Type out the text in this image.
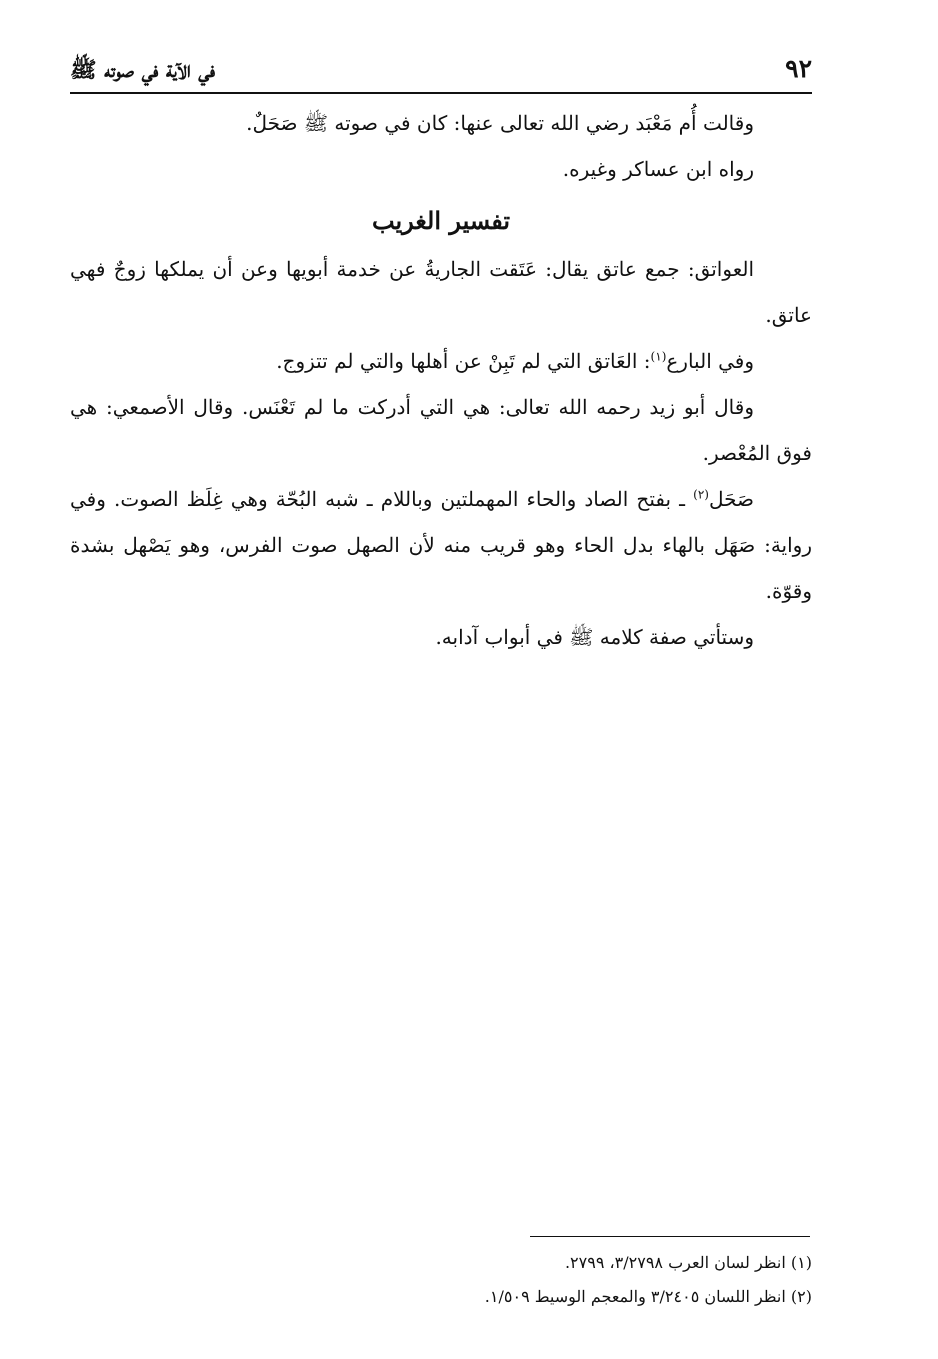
٩٢
في الآية في صوته ﷺ

وقالت أُم مَعْبَد رضي الله تعالى عنها: كان في صوته ﷺ صَحَلٌ.

رواه ابن عساكر وغيره.

تفسير الغريب

العواتق: جمع عاتق يقال: عَتَقت الجاريةُ عن خدمة أبويها وعن أن يملكها زوجٌ فهي عاتق.

وفي البارع$^{(١)}$: العَاتق التي لم تَبِنْ عن أهلها والتي لم تتزوج.

وقال أبو زيد رحمه الله تعالى: هي التي أدركت ما لم تَعْنَس. وقال الأصمعي: هي فوق المُعْصر.

صَحَل$^{(٢)}$ ـ بفتح الصاد والحاء المهملتين وباللام ـ شبه البُحّة وهي غِلَظ الصوت. وفي رواية: صَهَل بالهاء بدل الحاء وهو قريب منه لأن الصهل صوت الفرس، وهو يَصْهل بشدة وقوّة.

وستأتي صفة كلامه ﷺ في أبواب آدابه.

(١) انظر لسان العرب ٣/٢٧٩٨، ٢٧٩٩.

(٢) انظر اللسان ٣/٢٤٠٥ والمعجم الوسيط ١/٥٠٩.
